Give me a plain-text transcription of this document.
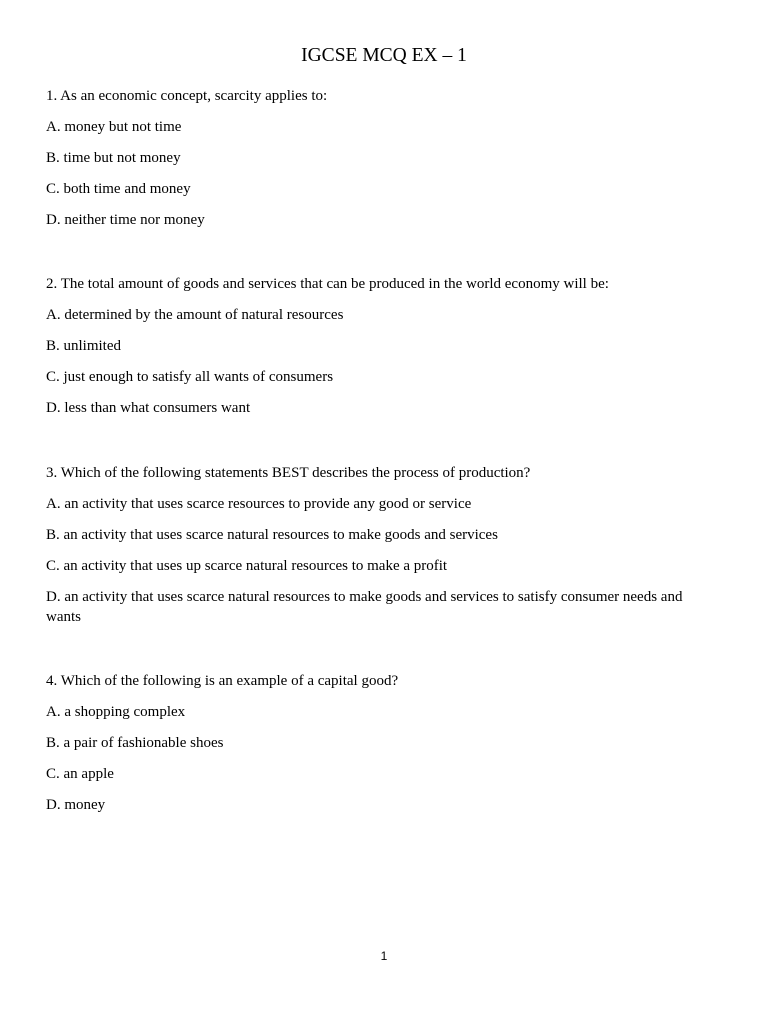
IGCSE MCQ EX – 1

1. As an economic concept, scarcity applies to:

A. money but not time

B. time but not money

C. both time and money

D. neither time nor money

2. The total amount of goods and services that can be produced in the world economy will be:

A. determined by the amount of natural resources

B. unlimited

C. just enough to satisfy all wants of consumers

D. less than what consumers want

3. Which of the following statements BEST describes the process of production?

A. an activity that uses scarce resources to provide any good or service

B. an activity that uses scarce natural resources to make goods and services

C. an activity that uses up scarce natural resources to make a profit

D. an activity that uses scarce natural resources to make goods and services to satisfy consumer needs and wants

4. Which of the following is an example of a capital good?

A. a shopping complex

B. a pair of fashionable shoes

C. an apple

D. money

1
